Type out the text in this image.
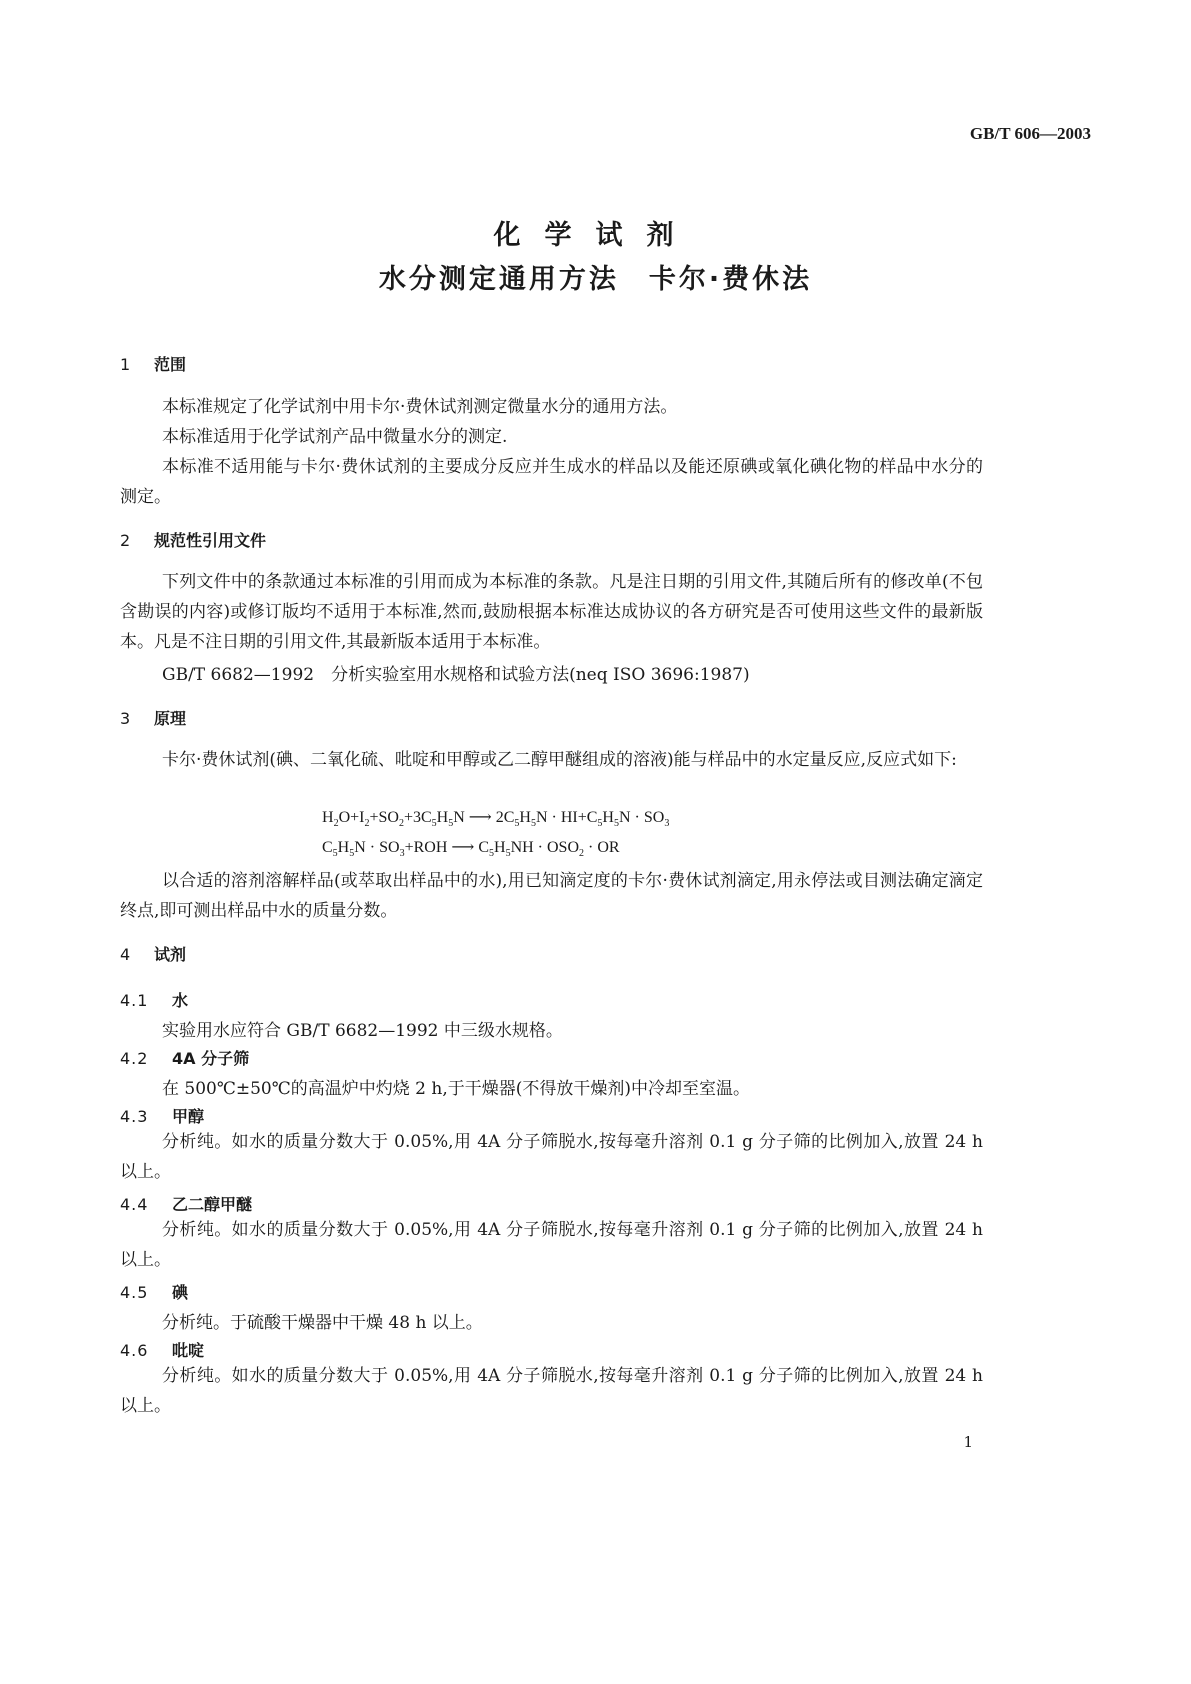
GB/T 606—2003
化学试剂
水分测定通用方法　卡尔·费休法
1 范围
本标准规定了化学试剂中用卡尔·费休试剂测定微量水分的通用方法。
本标准适用于化学试剂产品中微量水分的测定.
本标准不适用能与卡尔·费休试剂的主要成分反应并生成水的样品以及能还原碘或氧化碘化物的样品中水分的测定。
2 规范性引用文件
下列文件中的条款通过本标准的引用而成为本标准的条款。凡是注日期的引用文件,其随后所有的修改单(不包含勘误的内容)或修订版均不适用于本标准,然而,鼓励根据本标准达成协议的各方研究是否可使用这些文件的最新版本。凡是不注日期的引用文件,其最新版本适用于本标准。
GB/T 6682—1992　分析实验室用水规格和试验方法(neq ISO 3696:1987)
3 原理
卡尔·费休试剂(碘、二氧化硫、吡啶和甲醇或乙二醇甲醚组成的溶液)能与样品中的水定量反应,反应式如下:
$H_2O+I_2+SO_2+3C_5H_5N$ ⟶ $2C_5H_5N \cdot HI+C_5H_5N \cdot SO_3$
$C_5H_5N \cdot SO_3+ROH$ ⟶ $C_5H_5NH \cdot OSO_2$ · OR
以合适的溶剂溶解样品(或萃取出样品中的水),用已知滴定度的卡尔·费休试剂滴定,用永停法或目测法确定滴定终点,即可测出样品中水的质量分数。
4 试剂
4.1 水
实验用水应符合 GB/T 6682—1992 中三级水规格。
4.2 4A 分子筛
在 500℃±50℃的高温炉中灼烧 2 h,于干燥器(不得放干燥剂)中冷却至室温。
4.3 甲醇
分析纯。如水的质量分数大于 0.05%,用 4A 分子筛脱水,按每毫升溶剂 0.1 g 分子筛的比例加入,放置 24 h 以上。
4.4 乙二醇甲醚
分析纯。如水的质量分数大于 0.05%,用 4A 分子筛脱水,按每毫升溶剂 0.1 g 分子筛的比例加入,放置 24 h 以上。
4.5 碘
分析纯。于硫酸干燥器中干燥 48 h 以上。
4.6 吡啶
分析纯。如水的质量分数大于 0.05%,用 4A 分子筛脱水,按每毫升溶剂 0.1 g 分子筛的比例加入,放置 24 h 以上。
1
